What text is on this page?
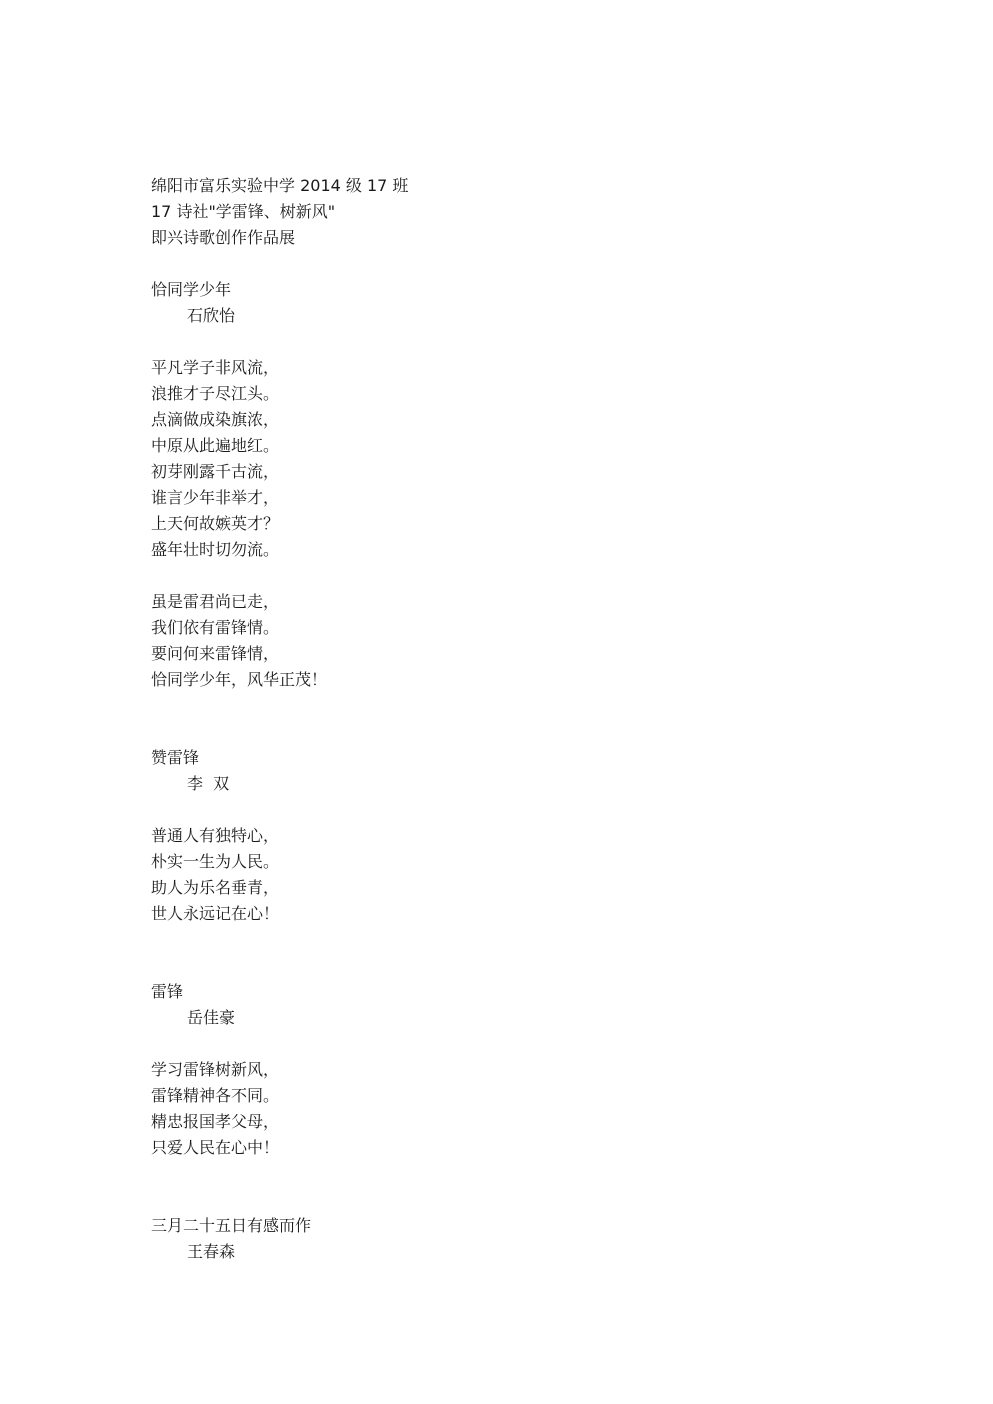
绵阳市富乐实验中学 2014 级 17 班
17 诗社"学雷锋、树新风"
即兴诗歌创作作品展
恰同学少年
石欣怡
平凡学子非风流，
浪推才子尽江头。
点滴做成染旗浓，
中原从此遍地红。
初芽刚露千古流，
谁言少年非举才，
上天何故嫉英才？
盛年壮时切勿流。
虽是雷君尚已走，
我们依有雷锋情。
要问何来雷锋情，
恰同学少年，风华正茂！
赞雷锋
李  双
普通人有独特心，
朴实一生为人民。
助人为乐名垂青，
世人永远记在心！
雷锋
岳佳豪
学习雷锋树新风，
雷锋精神各不同。
精忠报国孝父母，
只爱人民在心中！
三月二十五日有感而作
王春森
